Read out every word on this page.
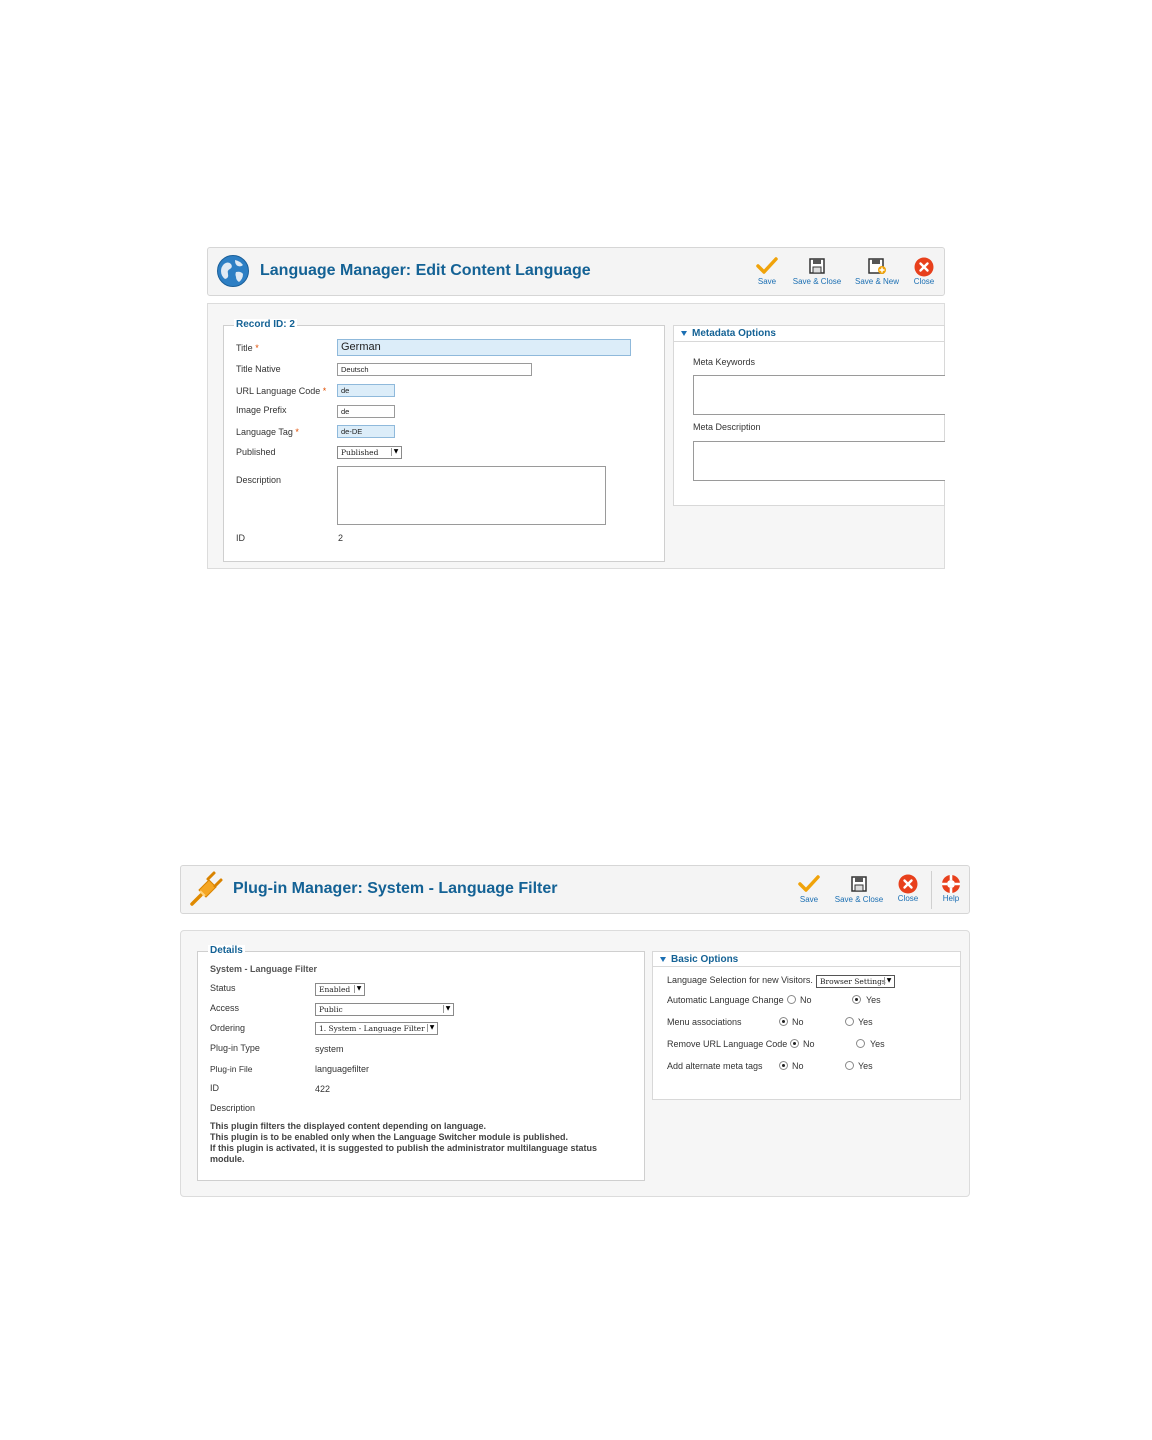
Language Manager: Edit Content Language
Save	Save & Close	Save & New	Close
Record ID: 2
Title *	German
Title Native	Deutsch
URL Language Code *	de
Image Prefix	de
Language Tag *	de-DE
Published	Published	▼
Description
ID	2
Metadata Options
Meta Keywords
Meta Description
Plug-in Manager: System - Language Filter
Save	Save & Close	Close	Help
Details
System - Language Filter
Status	Enabled	▼
Access	Public	▼
Ordering	1. System - Language Filter ▼
Plug-in Type	system
Plug-in File	languagefilter
ID	422
Description
This plugin filters the displayed content depending on language.
This plugin is to be enabled only when the Language Switcher module is published.
If this plugin is activated, it is suggested to publish the administrator multilanguage status
module.
Basic Options
Language Selection for new Visitors. Browser Settings ▼
Automatic Language Change No	Yes
Menu associations	No	Yes
Remove URL Language Code No	Yes
Add alternate meta tags	No	Yes
